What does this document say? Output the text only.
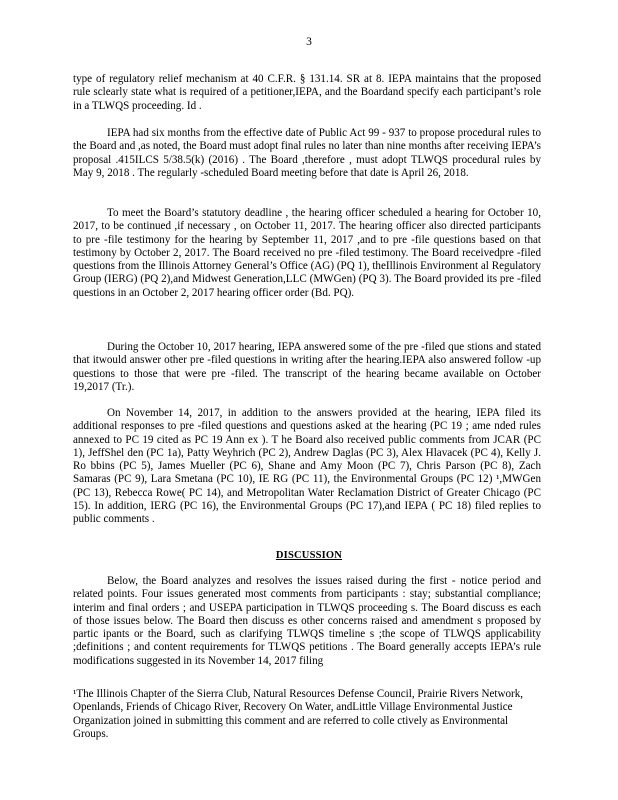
3

type of regulatory relief mechanism at 40 C.F.R. § 131.14. SR at 8. IEPA maintains that the proposed rule sclearly state what is required of a petitioner,IEPA, and the Boardand specify each participant’s role in a TLWQS proceeding. Id .

IEPA had six months from the effective date of Public Act 99 - 937 to propose procedural rules to the Board and ,as noted, the Board must adopt final rules no later than nine months after receiving IEPA’s proposal .415ILCS 5/38.5(k) (2016) . The Board ,therefore , must adopt TLWQS procedural rules by May 9, 2018 . The regularly -scheduled Board meeting before that date is April 26, 2018.

To meet the Board’s statutory deadline , the hearing officer scheduled a hearing for October 10, 2017, to be continued ,if necessary , on October 11, 2017. The hearing officer also directed participants to pre -file testimony for the hearing by September 11, 2017 ,and to pre -file questions based on that testimony by October 2, 2017. The Board received no pre -filed testimony. The Board receivedpre -filed questions from the Illinois Attorney General’s Office (AG) (PQ 1), theIllinois Environment al Regulatory Group (IERG) (PQ 2),and Midwest Generation,LLC (MWGen) (PQ 3). The Board provided its pre -filed questions in an October 2, 2017 hearing officer order (Bd. PQ).

During the October 10, 2017 hearing, IEPA answered some of the pre -filed que stions and stated that itwould answer other pre -filed questions in writing after the hearing.IEPA also answered follow -up questions to those that were pre -filed. The transcript of the hearing became available on October 19,2017 (Tr.).

On November 14, 2017, in addition to the answers provided at the hearing, IEPA filed its additional responses to pre -filed questions and questions asked at the hearing (PC 19 ; ame nded rules annexed to PC 19 cited as PC 19 Ann ex ). T he Board also received public comments from JCAR (PC 1), JeffShel den (PC 1a), Patty Weyhrich (PC 2), Andrew Daglas (PC 3), Alex Hlavacek (PC 4), Kelly J. Ro bbins (PC 5), James Mueller (PC 6), Shane and Amy Moon (PC 7), Chris Parson (PC 8), Zach Samaras (PC 9), Lara Smetana (PC 10), IE RG (PC 11), the Environmental Groups (PC 12) ¹,MWGen (PC 13), Rebecca Rowe( PC 14), and Metropolitan Water Reclamation District of Greater Chicago (PC 15). In addition, IERG (PC 16), the Environmental Groups (PC 17),and IEPA ( PC 18) filed replies to public comments .

DISCUSSION

Below, the Board analyzes and resolves the issues raised during the first - notice period and related points. Four issues generated most comments from participants : stay; substantial compliance; interim and final orders ; and USEPA participation in TLWQS proceeding s. The Board discuss es each of those issues below. The Board then discuss es other concerns raised and amendment s proposed by partic ipants or the Board, such as clarifying TLWQS timeline s ;the scope of TLWQS applicability ;definitions ; and content requirements for TLWQS petitions . The Board generally accepts IEPA’s rule modifications suggested in its November 14, 2017 filing

¹The Illinois Chapter of the Sierra Club, Natural Resources Defense Council, Prairie Rivers Network, Openlands, Friends of Chicago River, Recovery On Water, andLittle Village Environmental Justice Organization joined in submitting this comment and are referred to colle ctively as Environmental Groups.
